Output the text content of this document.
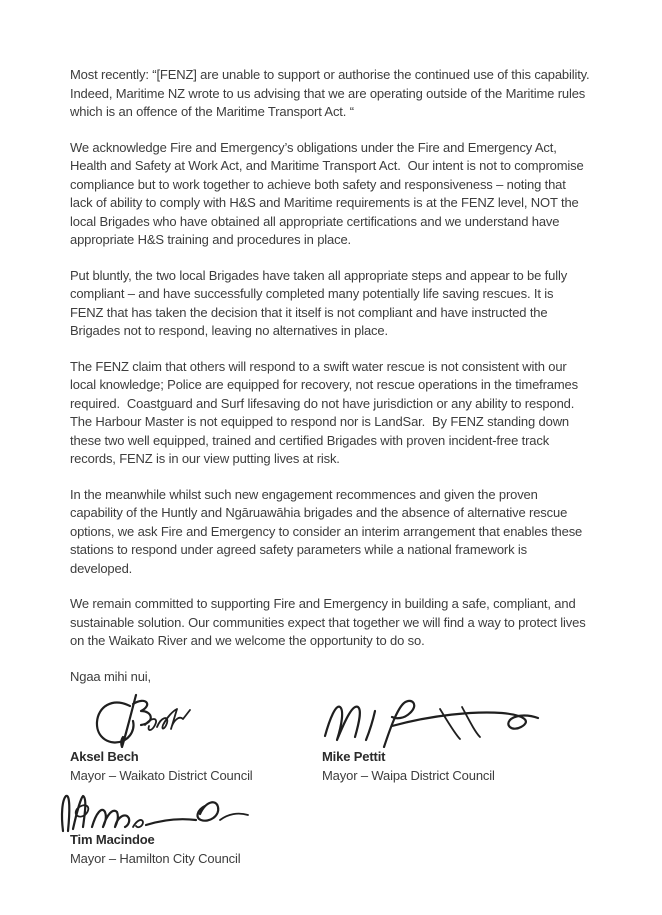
Most recently: “[FENZ] are unable to support or authorise the continued use of this capability. Indeed, Maritime NZ wrote to us advising that we are operating outside of the Maritime rules which is an offence of the Maritime Transport Act. “

We acknowledge Fire and Emergency’s obligations under the Fire and Emergency Act, Health and Safety at Work Act, and Maritime Transport Act.  Our intent is not to compromise compliance but to work together to achieve both safety and responsiveness – noting that lack of ability to comply with H&S and Maritime requirements is at the FENZ level, NOT the local Brigades who have obtained all appropriate certifications and we understand have appropriate H&S training and procedures in place.

Put bluntly, the two local Brigades have taken all appropriate steps and appear to be fully compliant – and have successfully completed many potentially life saving rescues. It is FENZ that has taken the decision that it itself is not compliant and have instructed the Brigades not to respond, leaving no alternatives in place.

The FENZ claim that others will respond to a swift water rescue is not consistent with our local knowledge; Police are equipped for recovery, not rescue operations in the timeframes required.  Coastguard and Surf lifesaving do not have jurisdiction or any ability to respond.  The Harbour Master is not equipped to respond nor is LandSar.  By FENZ standing down these two well equipped, trained and certified Brigades with proven incident-free track records, FENZ is in our view putting lives at risk.

In the meanwhile whilst such new engagement recommences and given the proven capability of the Huntly and Ngāruawāhia brigades and the absence of alternative rescue options, we ask Fire and Emergency to consider an interim arrangement that enables these stations to respond under agreed safety parameters while a national framework is developed.

We remain committed to supporting Fire and Emergency in building a safe, compliant, and sustainable solution. Our communities expect that together we will find a way to protect lives on the Waikato River and we welcome the opportunity to do so.

Ngaa mihi nui,

Aksel Bech
Mayor – Waikato District Council
Mike Pettit
Mayor – Waipa District Council
Tim Macindoe
Mayor – Hamilton City Council
